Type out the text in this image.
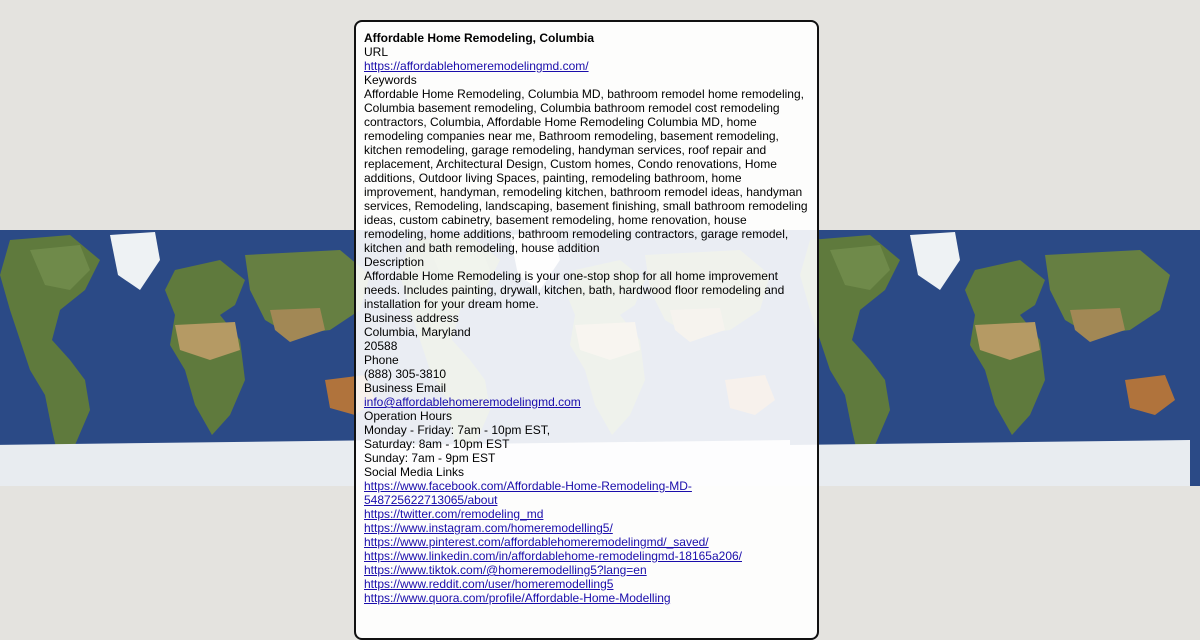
Affordable Home Remodeling, Columbia
URL
https://affordablehomeremodelingmd.com/
Keywords
Affordable Home Remodeling, Columbia MD, bathroom remodel home remodeling, Columbia basement remodeling, Columbia bathroom remodel cost remodeling contractors, Columbia, Affordable Home Remodeling Columbia MD, home remodeling companies near me, Bathroom remodeling, basement remodeling, kitchen remodeling, garage remodeling, handyman services, roof repair and replacement, Architectural Design, Custom homes, Condo renovations, Home additions, Outdoor living Spaces, painting, remodeling bathroom, home improvement, handyman, remodeling kitchen, bathroom remodel ideas, handyman services, Remodeling, landscaping, basement finishing, small bathroom remodeling ideas, custom cabinetry, basement remodeling, home renovation, house remodeling, home additions, bathroom remodeling contractors, garage remodel, kitchen and bath remodeling, house addition
Description
Affordable Home Remodeling is your one-stop shop for all home improvement needs. Includes painting, drywall, kitchen, bath, hardwood floor remodeling and installation for your dream home.
Business address
Columbia, Maryland
20588
Phone
(888) 305-3810
Business Email
info@affordablehomeremodelingmd.com
Operation Hours
Monday - Friday: 7am - 10pm EST,
Saturday: 8am - 10pm EST
Sunday: 7am - 9pm EST
Social Media Links
https://www.facebook.com/Affordable-Home-Remodeling-MD-548725622713065/about
https://twitter.com/remodeling_md
https://www.instagram.com/homeremodelling5/
https://www.pinterest.com/affordablehomeremodelingmd/_saved/
https://www.linkedin.com/in/affordablehome-remodelingmd-18165a206/
https://www.tiktok.com/@homeremodelling5?lang=en
https://www.reddit.com/user/homeremodelling5
https://www.quora.com/profile/Affordable-Home-Modelling
